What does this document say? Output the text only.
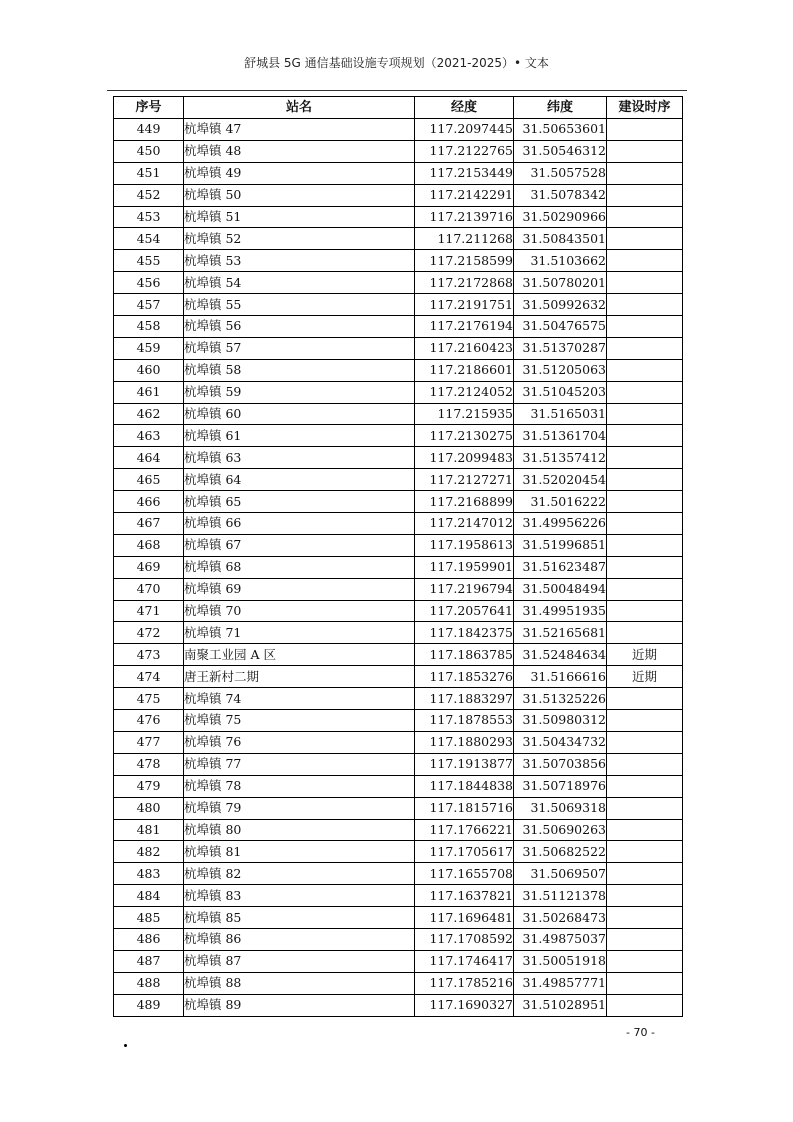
舒城县 5G 通信基础设施专项规划（2021-2025）• 文本
序号	站名	经度	纬度	建设时序
449	杭埠镇 47	117.2097445	31.50653601	
450	杭埠镇 48	117.2122765	31.50546312	
451	杭埠镇 49	117.2153449	31.5057528	
452	杭埠镇 50	117.2142291	31.5078342	
453	杭埠镇 51	117.2139716	31.50290966	
454	杭埠镇 52	117.211268	31.50843501	
455	杭埠镇 53	117.2158599	31.5103662	
456	杭埠镇 54	117.2172868	31.50780201	
457	杭埠镇 55	117.2191751	31.50992632	
458	杭埠镇 56	117.2176194	31.50476575	
459	杭埠镇 57	117.2160423	31.51370287	
460	杭埠镇 58	117.2186601	31.51205063	
461	杭埠镇 59	117.2124052	31.51045203	
462	杭埠镇 60	117.215935	31.5165031	
463	杭埠镇 61	117.2130275	31.51361704	
464	杭埠镇 63	117.2099483	31.51357412	
465	杭埠镇 64	117.2127271	31.52020454	
466	杭埠镇 65	117.2168899	31.5016222	
467	杭埠镇 66	117.2147012	31.49956226	
468	杭埠镇 67	117.1958613	31.51996851	
469	杭埠镇 68	117.1959901	31.51623487	
470	杭埠镇 69	117.2196794	31.50048494	
471	杭埠镇 70	117.2057641	31.49951935	
472	杭埠镇 71	117.1842375	31.52165681	
473	南聚工业园 A 区	117.1863785	31.52484634	近期
474	唐王新村二期	117.1853276	31.5166616	近期
475	杭埠镇 74	117.1883297	31.51325226	
476	杭埠镇 75	117.1878553	31.50980312	
477	杭埠镇 76	117.1880293	31.50434732	
478	杭埠镇 77	117.1913877	31.50703856	
479	杭埠镇 78	117.1844838	31.50718976	
480	杭埠镇 79	117.1815716	31.5069318	
481	杭埠镇 80	117.1766221	31.50690263	
482	杭埠镇 81	117.1705617	31.50682522	
483	杭埠镇 82	117.1655708	31.5069507	
484	杭埠镇 83	117.1637821	31.51121378	
485	杭埠镇 85	117.1696481	31.50268473	
486	杭埠镇 86	117.1708592	31.49875037	
487	杭埠镇 87	117.1746417	31.50051918	
488	杭埠镇 88	117.1785216	31.49857771	
489	杭埠镇 89	117.1690327	31.51028951	
- 70 -
